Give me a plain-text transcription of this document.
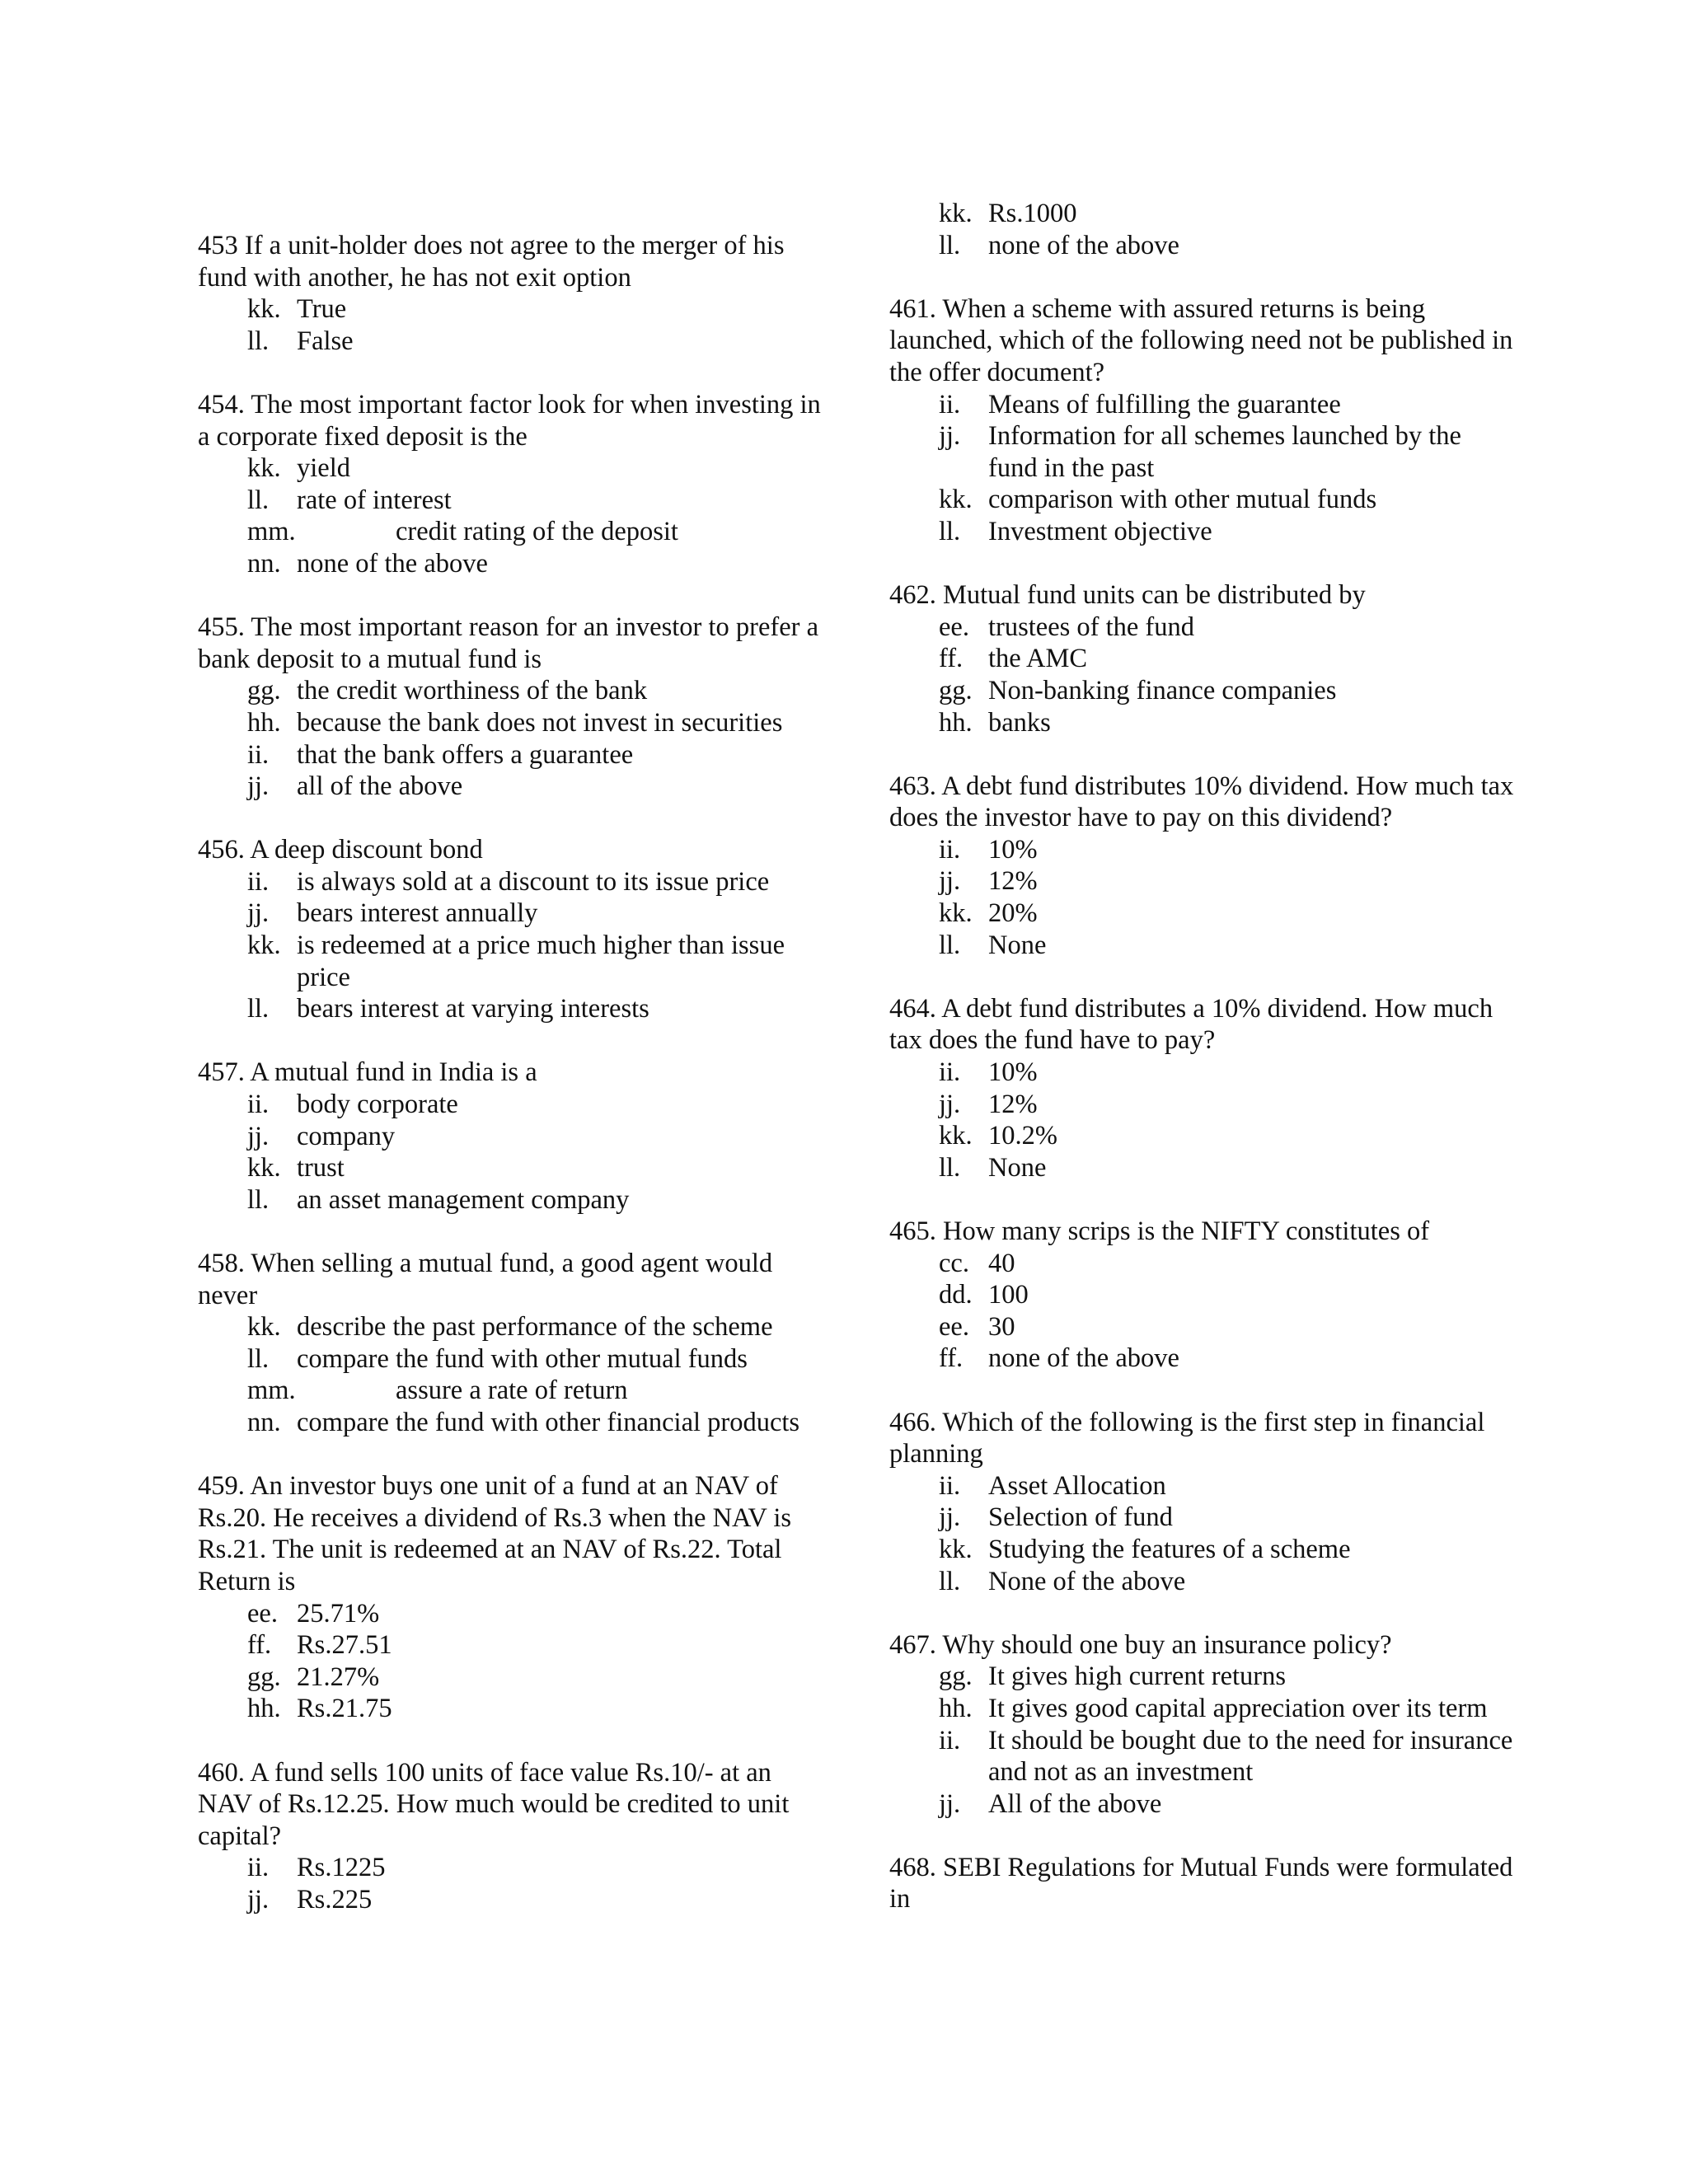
453 If a unit-holder does not agree to the merger of his fund with another, he has not exit option

kk. True
ll.	False

454. The most important factor look for when investing in a corporate fixed deposit is the

kk. yield
ll.	rate of interest
mm.	credit rating of the deposit
nn. none of the above

455. The most important reason for an investor to prefer a bank deposit to a mutual fund is

gg. the credit worthiness of the bank
hh. because the bank does not invest in securities
ii.	that the bank offers a guarantee
jj.	all of the above

456. A deep discount bond

ii.	is always sold at a discount to its issue price
jj.	bears interest annually
kk. is redeemed at a price much higher than issue price
ll.	bears interest at varying interests

457. A mutual fund in India is a

ii.	body corporate
jj.	company
kk. trust
ll.	an asset management company

458. When selling a mutual fund, a good agent would never

kk. describe the past performance of the scheme
ll.	compare the fund with other mutual funds
mm.	assure a rate of return
nn. compare the fund with other financial products

459. An investor buys one unit of a fund at an NAV of Rs.20. He receives a dividend of Rs.3 when the NAV is Rs.21. The unit is redeemed at an NAV of Rs.22. Total Return is

ee. 25.71%
ff. Rs.27.51
gg. 21.27%
hh. Rs.21.75

460. A fund sells 100 units of face value Rs.10/- at an NAV of Rs.12.25. How much would be credited to unit capital?

ii.	Rs.1225
jj.	Rs.225
kk. Rs.1000
ll.	none of the above

461. When a scheme with assured returns is being launched, which of the following need not be published in the offer document?

ii.	Means of fulfilling the guarantee
jj.	Information for all schemes launched by the fund in the past
kk. comparison with other mutual funds
ll.	Investment objective

462. Mutual fund units can be distributed by

ee. trustees of the fund
ff. the AMC
gg. Non-banking finance companies
hh. banks

463. A debt fund distributes 10% dividend. How much tax does the investor have to pay on this dividend?

ii.	10%
jj.	12%
kk. 20%
ll.	None

464. A debt fund distributes a 10% dividend. How much tax does the fund have to pay?

ii.	10%
jj.	12%
kk. 10.2%
ll.	None

465. How many scrips is the NIFTY constitutes of

cc. 40
dd. 100
ee. 30
ff. none of the above

466. Which of the following is the first step in financial planning

ii.	Asset Allocation
jj.	Selection of fund
kk. Studying the features of a scheme
ll.	None of the above

467. Why should one buy an insurance policy?

gg. It gives high current returns
hh. It gives good capital appreciation over its term
ii.	It should be bought due to the need for insurance and not as an investment
jj.	All of the above

468. SEBI Regulations for Mutual Funds were formulated in
